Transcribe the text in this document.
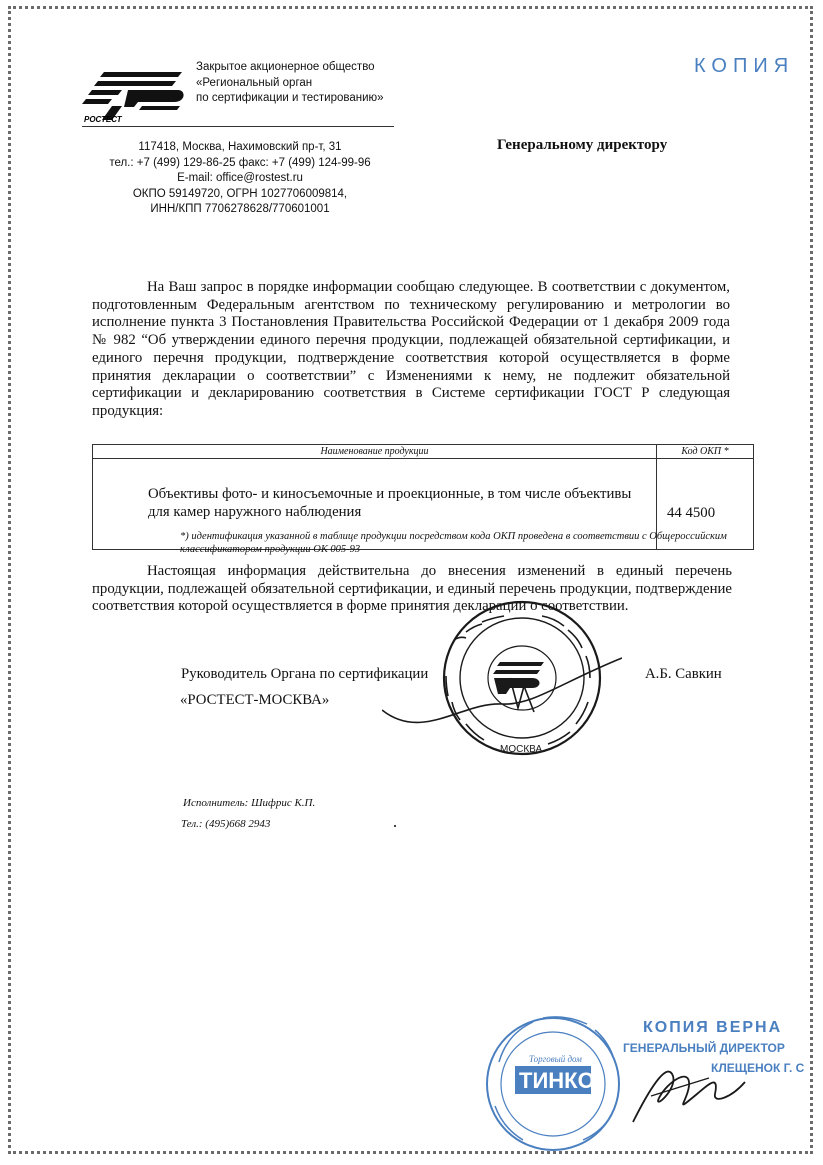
РОСТЕСТ
Закрытое акционерное общество
«Региональный орган
по сертификации и тестированию»
117418, Москва, Нахимовский пр-т, 31
тел.: +7 (499) 129-86-25 факс: +7 (499) 124-99-96
E-mail: office@rostest.ru
ОКПО 59149720, ОГРН 1027706009814,
ИНН/КПП 7706278628/770601001
КОПИЯ
Генеральному директору
На Ваш запрос в порядке информации сообщаю следующее. В соответствии с документом, подготовленным Федеральным агентством по техническому регулированию и метрологии во исполнение пункта 3 Постановления Правительства Российской Федерации от 1 декабря 2009 года № 982 “Об утверждении единого перечня продукции, подлежащей обязательной сертификации, и единого перечня продукции, подтверждение соответствия которой осуществляется в форме принятия декларации о соответствии” с Изменениями к нему, не подлежит обязательной сертификации и декларированию соответствия в Системе сертификации ГОСТ Р следующая продукция:
Наименование продукции	Код ОКП *
Объективы фото- и киносъемочные и проекционные, в том числе объективы для камер наружного наблюдения	44 4500
*) идентификация указанной в таблице продукции посредством кода ОКП проведена в соответствии с Общероссийским классификатором продукции ОК 005-93
Настоящая информация действительна до внесения изменений в единый перечень продукции, подлежащей обязательной сертификации, и единый перечень продукции, подтверждение соответствия которой осуществляется в форме принятия декларации о соответствии.
Руководитель Органа по сертификации
«РОСТЕСТ-МОСКВА»
А.Б. Савкин
МОСКВА
Исполнитель: Шифрис К.П.
Тел.: (495)668 2943
Торговый дом
ТИНКО
КОПИЯ ВЕРНА
ГЕНЕРАЛЬНЫЙ ДИРЕКТОР
КЛЕЩЕНОК Г. С
